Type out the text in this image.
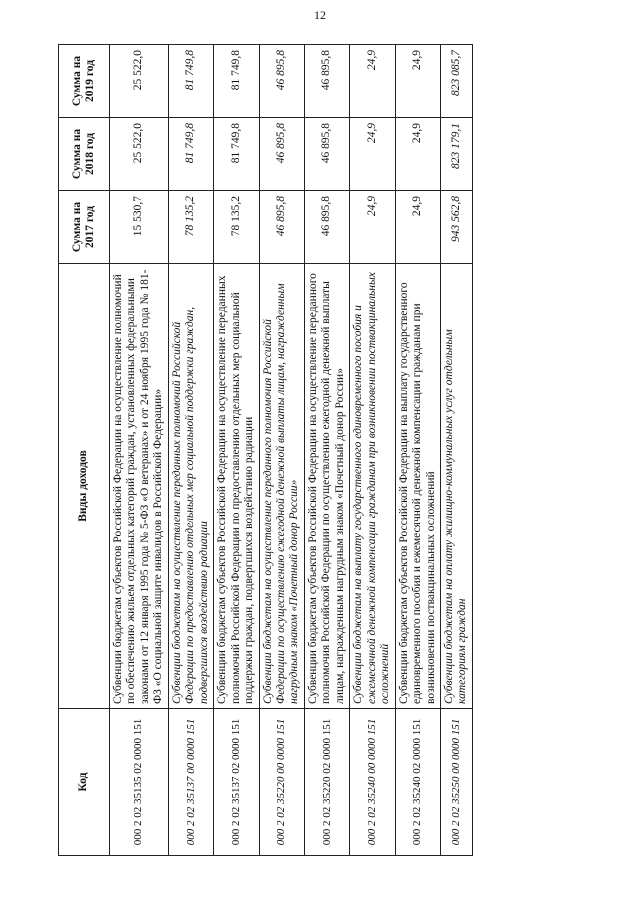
12
Код	Виды доходов	Сумма на 2017 год	Сумма на 2018 год	Сумма на 2019 год
000 2 02 35135 02 0000 151	Субвенции бюджетам субъектов Российской Федерации на осуществление полномочий по обеспечению жильем отдельных категорий граждан, установленных федеральными законами от 12 января 1995 года № 5-ФЗ «О ветеранах» и от 24 ноября 1995 года № 181-ФЗ «О социальной защите инвалидов в Российской Федерации»	15 530,7	25 522,0	25 522,0
000 2 02 35137 00 0000 151	Субвенции бюджетам на осуществление переданных полномочий Российской Федерации по предоставлению отдельных мер социальной поддержки граждан, подвергшихся воздействию радиации	78 135,2	81 749,8	81 749,8
000 2 02 35137 02 0000 151	Субвенции бюджетам субъектов Российской Федерации на осуществление переданных полномочий Российской Федерации по предоставлению отдельных мер социальной поддержки граждан, подвергшихся воздействию радиации	78 135,2	81 749,8	81 749,8
000 2 02 35220 00 0000 151	Субвенции бюджетам на осуществление переданного полномочия Российской Федерации по осуществлению ежегодной денежной выплаты лицам, награжденным нагрудным знаком «Почетный донор России»	46 895,8	46 895,8	46 895,8
000 2 02 35220 02 0000 151	Субвенции бюджетам субъектов Российской Федерации на осуществление переданного полномочия Российской Федерации по осуществлению ежегодной денежной выплаты лицам, награжденным нагрудным знаком «Почетный донор России»	46 895,8	46 895,8	46 895,8
000 2 02 35240 00 0000 151	Субвенции бюджетам на выплату государственного единовременного пособия и ежемесячной денежной компенсации гражданам при возникновении поствакцинальных осложнений	24,9	24,9	24,9
000 2 02 35240 02 0000 151	Субвенции бюджетам субъектов Российской Федерации на выплату государственного единовременного пособия и ежемесячной денежной компенсации гражданам при возникновении поствакцинальных осложнений	24,9	24,9	24,9
000 2 02 35250 00 0000 151	Субвенции бюджетам на оплату жилищно-коммунальных услуг отдельным категориям граждан	943 562,8	823 179,1	823 085,7
